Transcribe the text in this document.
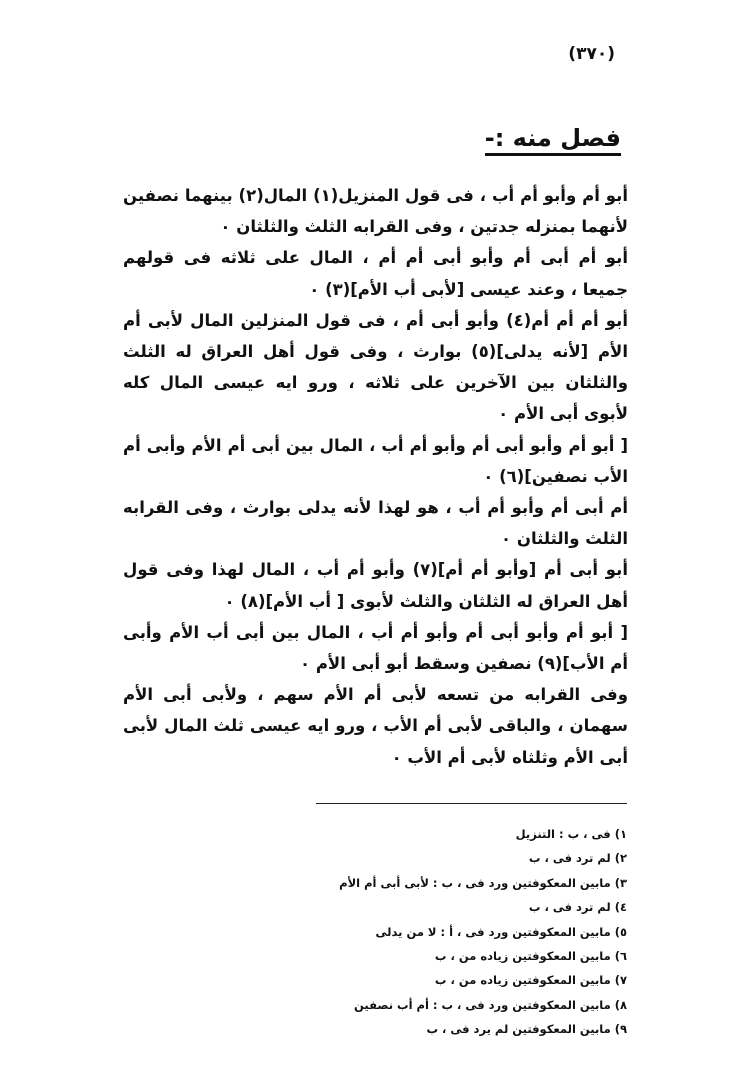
(٣٧٠)
فصل منه :-

أبو أم وأبو أم أب ، فى قول المنزيل(١) المال(٢) بينهما نصفين لأنهما بمنزله جدتين ، وفى القرابه الثلث والثلثان ٠

أبو أم أبى أم وأبو أبى أم أم ، المال على ثلاثه فى قولهم جميعا ، وعند عيسى [لأبى أب الأم](٣) ٠

أبو أم أم أم(٤) وأبو أبى أم ، فى قول المنزلين المال لأبى أم الأم [لأنه يدلى](٥) بوارث ، وفى قول أهل العراق له الثلث والثلثان بين الآخرين على ثلاثه ، ورو ايه عيسى المال كله لأبوى أبى الأم ٠

[ أبو أم وأبو أبى أم وأبو أم أب ، المال بين أبى أم الأم وأبى أم الأب نصفين](٦) ٠

أم أبى أم وأبو أم أب ، هو لهذا لأنه يدلى بوارث ، وفى القرابه الثلث والثلثان ٠

أبو أبى أم [وأبو أم أم](٧) وأبو أم أب ، المال لهذا وفى قول أهل العراق له الثلثان والثلث لأبوى [ أب الأم](٨) ٠

[ أبو أم وأبو أبى أم وأبو أم أب ، المال بين أبى أب الأم وأبى أم الأب](٩) نصفين وسقط أبو أبى الأم ٠

وفى القرابه من تسعه لأبى أم الأم سهم ، ولأبى أبى الأم سهمان ، والباقى لأبى أم الأب ، ورو ايه عيسى ثلث المال لأبى أبى الأم وثلثاه لأبى أم الأب ٠

١) فى ، ب : التنزيل
٢) لم ترد فى ، ب
٣) مابين المعكوفتين ورد فى ، ب : لأبى أبى أم الأم
٤) لم ترد فى ، ب
٥) مابين المعكوفتين ورد فى ، أ : لا من يدلى
٦) مابين المعكوفتين زياده من ، ب
٧) مابين المعكوفتين زياده من ، ب
٨) مابين المعكوفتين ورد فى ، ب : أم أب نصفين
٩) مابين المعكوفتين لم يرد فى ، ب
